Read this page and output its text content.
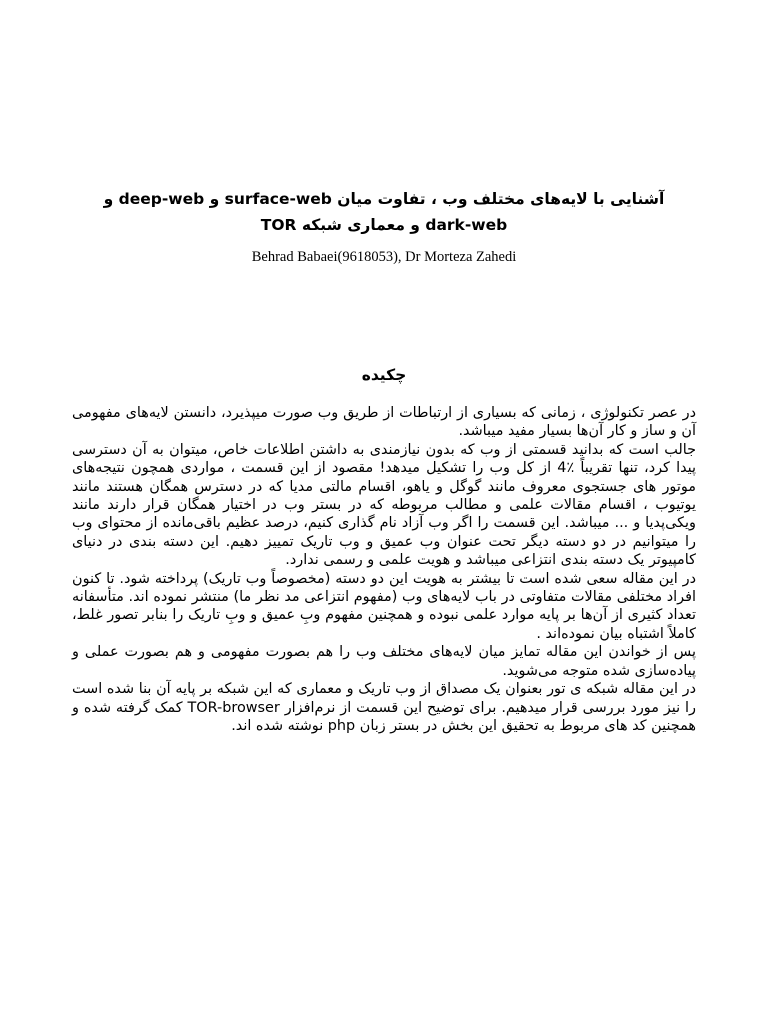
آشنایی با لایه‌های مختلف وب ، تفاوت میان surface-web و deep-web و
dark-web و معماری شبکه TOR
Behrad Babaei(9618053), Dr Morteza Zahedi
چکیده

در عصر تکنولوژی ، زمانی که بسیاری از ارتباطات از طریق وب صورت میپذیرد، دانستن لایه‌های مفهومی آن و ساز و کار آن‌ها بسیار مفید میباشد.

جالب است که بدانید قسمتی از وب که بدون نیازمندی به داشتن اطلاعات خاص، میتوان به آن دسترسی پیدا کرد، تنها تقریباً ٪4 از کل وب را تشکیل میدهد! مقصود از این قسمت ، مواردی همچون نتیجه‌های موتور های جستجوی معروف مانند گوگل و یاهو، اقسام مالتی مدیا که در دسترس همگان هستند مانند یوتیوب ، اقسام مقالات علمی و مطالب مربوطه که در بستر وب در اختیار همگان قرار دارند مانند ویکی‌پدیا و ... میباشد. این قسمت را اگر وب آزاد نام گذاری کنیم، درصد عظیم باقی‌مانده از محتوای وب را میتوانیم در دو دسته دیگر تحت عنوان وب عمیق و وب تاریک تمییز دهیم. این دسته بندی در دنیای کامپیوتر یک دسته بندی انتزاعی میباشد و هویت علمی و رسمی ندارد.

در این مقاله سعی شده است تا بیشتر به هویت این دو دسته (مخصوصاً وب تاریک) پرداخته شود. تا کنون افراد مختلفی مقالات متفاوتی در باب لایه‌های وب (مفهوم انتزاعی مد نظر ما) منتشر نموده اند. متأسفانه تعداد کثیری از آن‌ها بر پایه موارد علمی نبوده و همچنین مفهوم وبِ عمیق و وبِ تاریک را بنابر تصور غلط، کاملاً اشتباه بیان نموده‌اند .

پس از خواندن این مقاله تمایز میان لایه‌های مختلف وب را هم بصورت مفهومی و هم بصورت عملی و پیاده‌سازی شده متوجه می‌شوید.

در این مقاله شبکه ی تور بعنوان یک مصداق از وب تاریک و معماری که این شبکه بر پایه آن بنا شده است را نیز مورد بررسی قرار میدهیم. برای توضیح این قسمت از نرم‌افزار TOR-browser کمک گرفته شده و همچنین کد های مربوط به تحقیق این بخش در بستر زبان php نوشته شده اند.
